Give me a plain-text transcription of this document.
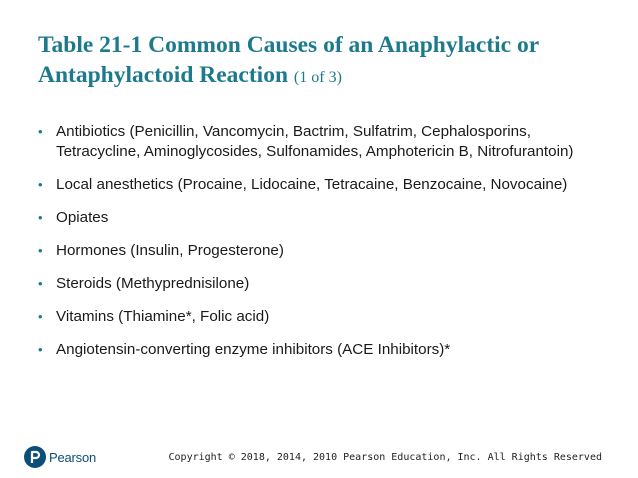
Table 21-1 Common Causes of an Anaphylactic or Antaphylactoid Reaction (1 of 3)
• Antibiotics (Penicillin, Vancomycin, Bactrim, Sulfatrim, Cephalosporins, Tetracycline, Aminoglycosides, Sulfonamides, Amphotericin B, Nitrofurantoin)
• Local anesthetics (Procaine, Lidocaine, Tetracaine, Benzocaine, Novocaine)
• Opiates
• Hormones (Insulin, Progesterone)
• Steroids (Methyprednisilone)
• Vitamins (Thiamine*, Folic acid)
• Angiotensin-converting enzyme inhibitors (ACE Inhibitors)*
Pearson	Copyright © 2018, 2014, 2010 Pearson Education, Inc. All Rights Reserved
